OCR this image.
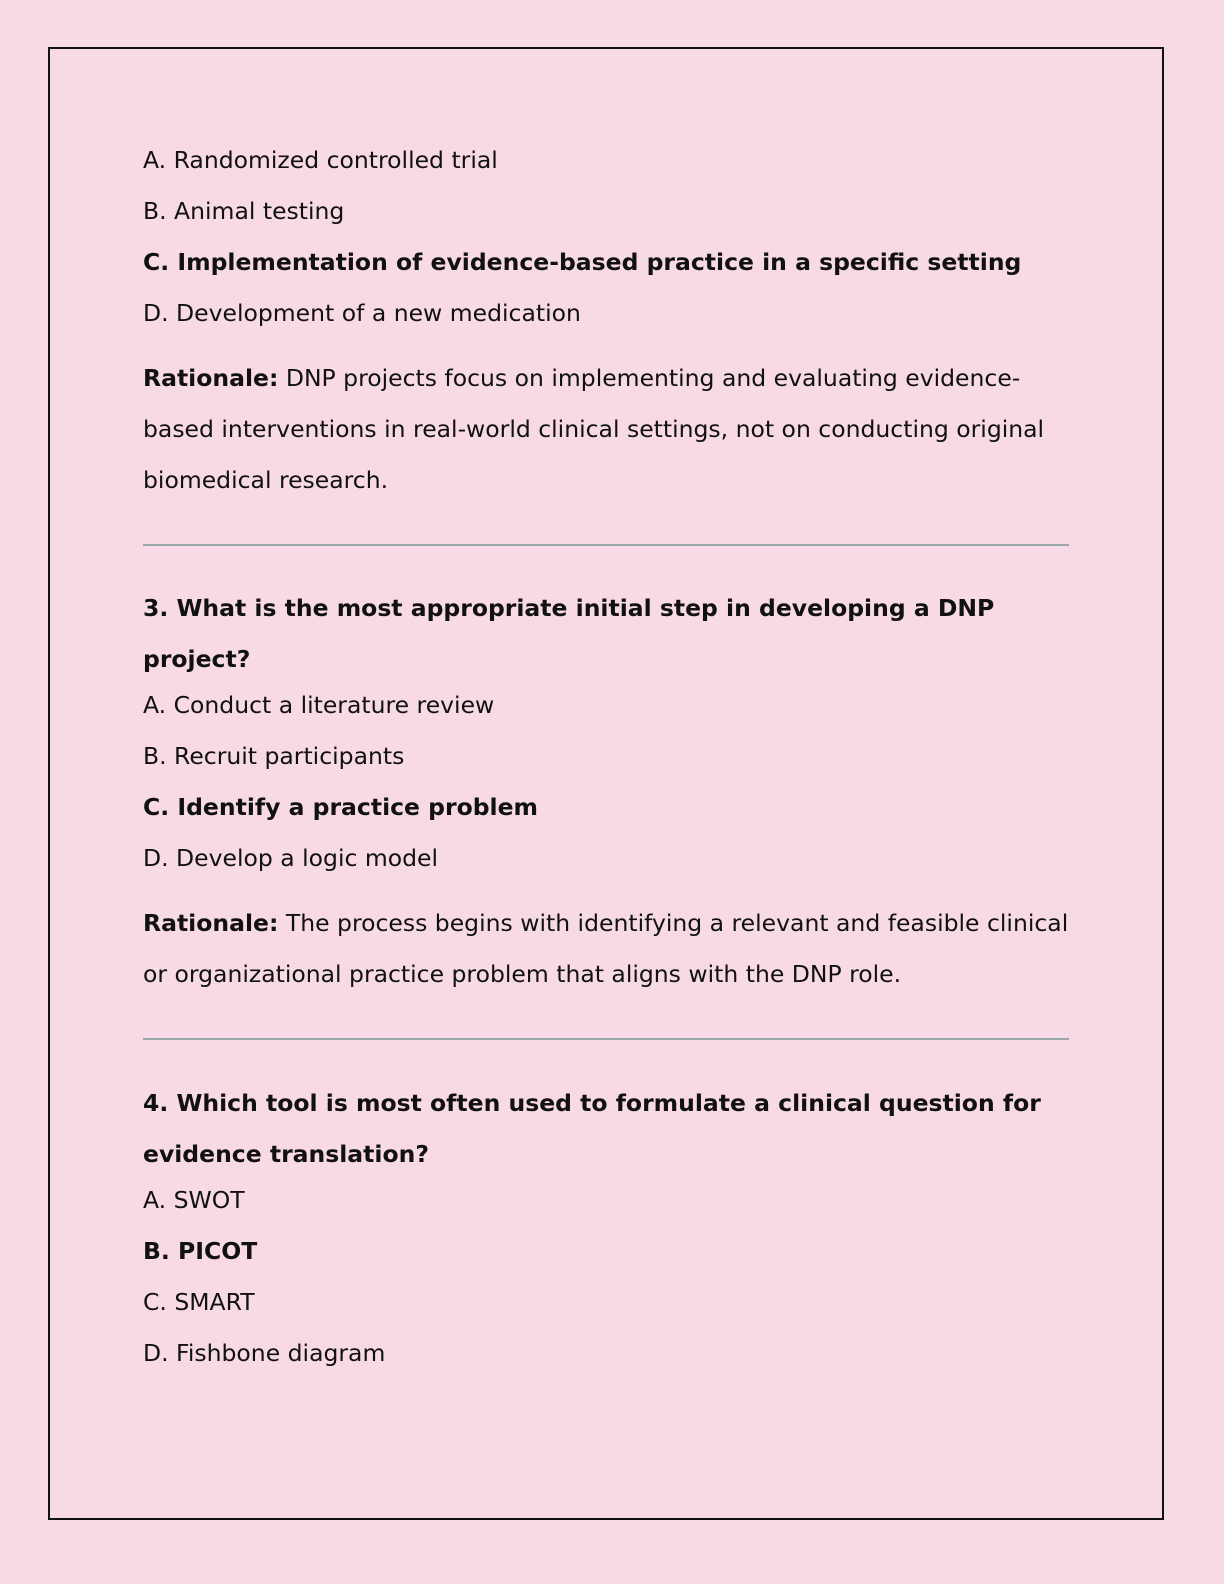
A. Randomized controlled trial
B. Animal testing
C. Implementation of evidence-based practice in a specific setting
D. Development of a new medication
Rationale: DNP projects focus on implementing and evaluating evidence-based interventions in real-world clinical settings, not on conducting original biomedical research.
3. What is the most appropriate initial step in developing a DNP project?
A. Conduct a literature review
B. Recruit participants
C. Identify a practice problem
D. Develop a logic model
Rationale: The process begins with identifying a relevant and feasible clinical or organizational practice problem that aligns with the DNP role.
4. Which tool is most often used to formulate a clinical question for evidence translation?
A. SWOT
B. PICOT
C. SMART
D. Fishbone diagram
